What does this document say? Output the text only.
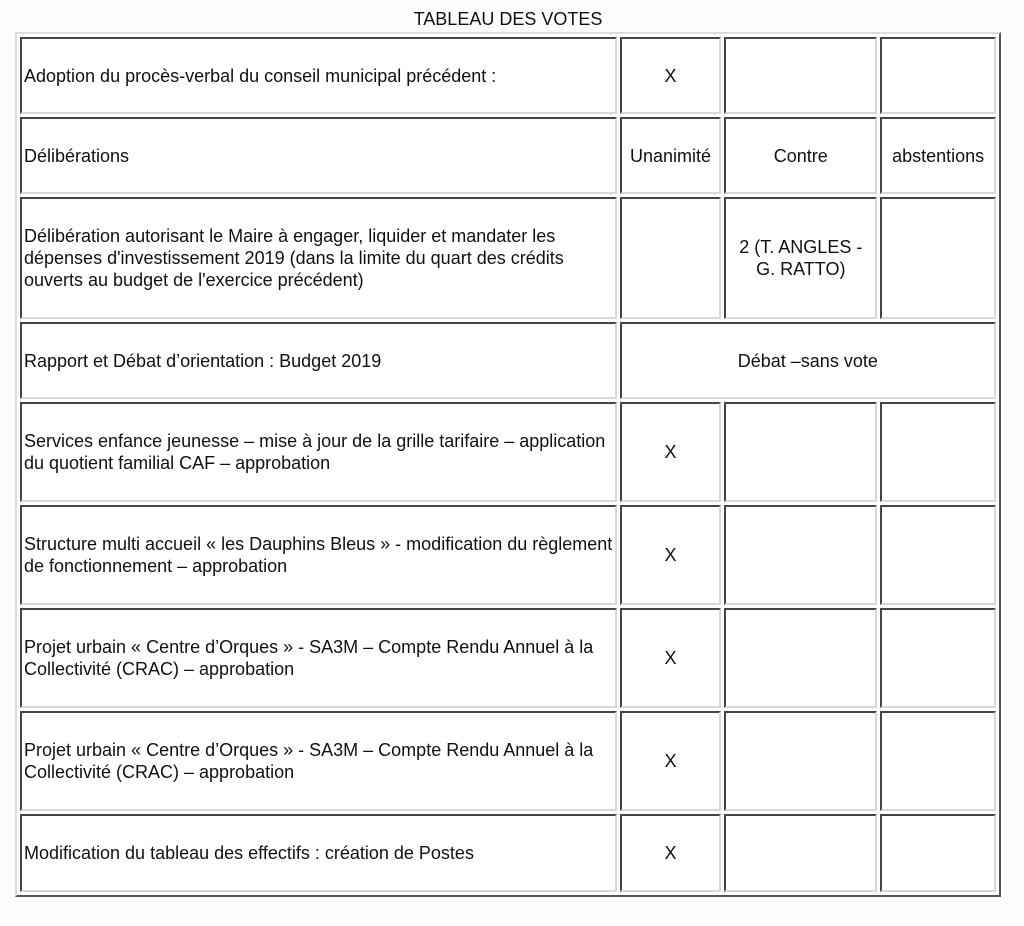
TABLEAU DES VOTES
Adoption du procès-verbal du conseil municipal précédent :	X		
Délibérations	Unanimité	Contre	abstentions
Délibération autorisant le Maire à engager, liquider et mandater les dépenses d'investissement 2019 (dans la limite du quart des crédits ouverts au budget de l'exercice précédent)		2 (T. ANGLES - G. RATTO)	
Rapport et Débat d’orientation : Budget 2019	Débat –sans vote		
Services enfance jeunesse – mise à jour de la grille tarifaire – application du quotient familial CAF – approbation	X		
Structure multi accueil « les Dauphins Bleus » - modification du règlement de fonctionnement – approbation	X		
Projet urbain « Centre d’Orques » - SA3M – Compte Rendu Annuel à la Collectivité (CRAC) – approbation	X		
Projet urbain « Centre d’Orques » - SA3M – Compte Rendu Annuel à la Collectivité (CRAC) – approbation	X		
Modification du tableau des effectifs : création de Postes	X		
